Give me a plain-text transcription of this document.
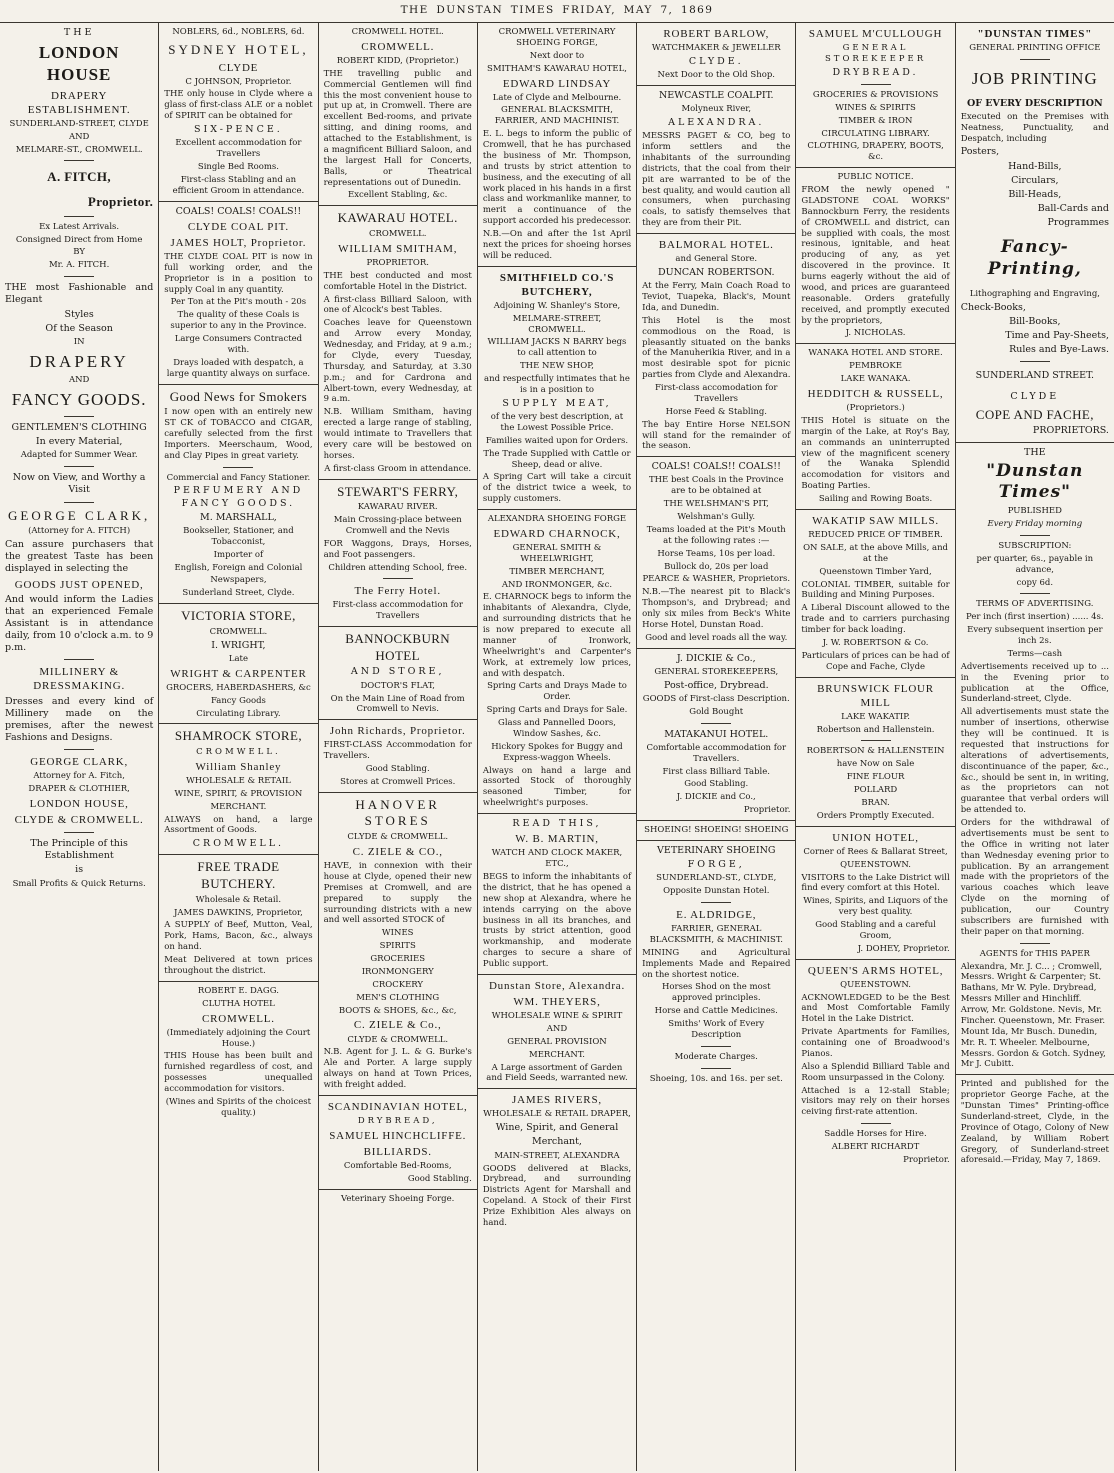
THE DUNSTAN TIMES FRIDAY, MAY 7, 1869

THE

LONDON HOUSE

DRAPERY ESTABLISHMENT.

SUNDERLAND-STREET, CLYDE

AND

MELMARE-ST., CROMWELL.

A. FITCH,

Proprietor.

Ex Latest Arrivals.

Consigned Direct from Home

BY

Mr. A. FITCH.

THE most Fashionable and Elegant

Styles

Of the Season

IN

DRAPERY

AND

FANCY GOODS.

GENTLEMEN'S CLOTHING

In every Material,

Adapted for Summer Wear.

Now on View, and Worthy a Visit

GEORGE CLARK,

(Attorney for A. FITCH)

Can assure purchasers that the greatest Taste has been displayed in selecting the

GOODS JUST OPENED,

And would inform the Ladies that an experienced Female Assistant is in attendance daily, from 10 o'clock a.m. to 9 p.m.

MILLINERY & DRESSMAKING.

Dresses and every kind of Millinery made on the premises, after the newest Fashions and Designs.

GEORGE CLARK,

Attorney for A. Fitch,

DRAPER & CLOTHIER,

LONDON HOUSE,

CLYDE & CROMWELL.

The Principle of this Establishment

is

Small Profits & Quick Returns.

NOBLERS, 6d., NOBLERS, 6d.

SYDNEY HOTEL,

CLYDE

C JOHNSON, Proprietor.

THE only house in Clyde where a glass of first-class ALE or a noblet of SPIRIT can be obtained for

SIX-PENCE.

Excellent accommodation for Travellers

Single Bed Rooms.

First-class Stabling and an efficient Groom in attendance.

COALS! COALS! COALS!!

CLYDE COAL PIT.

JAMES HOLT, Proprietor.

THE CLYDE COAL PIT is now in full working order, and the Proprietor is in a position to supply Coal in any quantity.

Per Ton at the Pit's mouth - 20s

The quality of these Coals is superior to any in the Province.

Large Consumers Contracted with.

Drays loaded with despatch, a large quantity always on surface.

Good News for Smokers

I now open with an entirely new ST CK of TOBACCO and CIGAR, carefully selected from the first Importers. Meerschaum, Wood, and Clay Pipes in great variety.

Commercial and Fancy Stationer.

PERFUMERY AND FANCY GOODS.

M. MARSHALL,

Bookseller, Stationer, and Tobacconist,

Importer of

English, Foreign and Colonial

Newspapers,

Sunderland Street, Clyde.

VICTORIA STORE,

CROMWELL.

I. WRIGHT,

Late

WRIGHT & CARPENTER

GROCERS, HABERDASHERS, &c

Fancy Goods

Circulating Library.

SHAMROCK STORE,

CROMWELL.

William Shanley

WHOLESALE & RETAIL

WINE, SPIRIT, & PROVISION

MERCHANT.

ALWAYS on hand, a large Assortment of Goods.

CROMWELL.

FREE TRADE BUTCHERY.

Wholesale & Retail.

JAMES DAWKINS, Proprietor,

A SUPPLY of Beef, Mutton, Veal, Pork, Hams, Bacon, &c., always on hand.

Meat Delivered at town prices throughout the district.

ROBERT E. DAGG.

CLUTHA HOTEL

CROMWELL.

(Immediately adjoining the Court House.)

THIS House has been built and furnished regardless of cost, and possesses unequalled accommodation for visitors.

(Wines and Spirits of the choicest quality.)

CROMWELL HOTEL.

CROMWELL.

ROBERT KIDD, (Proprietor.)

THE travelling public and Commercial Gentlemen will find this the most convenient house to put up at, in Cromwell. There are excellent Bed-rooms, and private sitting, and dining rooms, and attached to the Establishment, is a magnificent Billiard Saloon, and the largest Hall for Concerts, Balls, or Theatrical representations out of Dunedin.

Excellent Stabling, &c.

KAWARAU HOTEL.

CROMWELL.

WILLIAM SMITHAM,

PROPRIETOR.

THE best conducted and most comfortable Hotel in the District.

A first-class Billiard Saloon, with one of Alcock's best Tables.

Coaches leave for Queenstown and Arrow every Monday, Wednesday, and Friday, at 9 a.m.; for Clyde, every Tuesday, Thursday, and Saturday, at 3.30 p.m.; and for Cardrona and Albert-town, every Wednesday, at 9 a.m.

N.B. William Smitham, having erected a large range of stabling, would intimate to Travellers that every care will be bestowed on horses.

A first-class Groom in attendance.

STEWART'S FERRY,

KAWARAU RIVER.

Main Crossing-place between Cromwell and the Nevis

FOR Waggons, Drays, Horses, and Foot passengers.

Children attending School, free.

The Ferry Hotel.

First-class accommodation for Travellers

BANNOCKBURN HOTEL

AND STORE,

DOCTOR'S FLAT,

On the Main Line of Road from Cromwell to Nevis.

John Richards, Proprietor.

FIRST-CLASS Accommodation for Travellers.

Good Stabling.

Stores at Cromwell Prices.

HANOVER STORES

CLYDE & CROMWELL.

C. ZIELE & CO.,

HAVE, in connexion with their house at Clyde, opened their new Premises at Cromwell, and are prepared to supply the surrounding districts with a new and well assorted STOCK of

WINES

SPIRITS

GROCERIES

IRONMONGERY

CROCKERY

MEN'S CLOTHING

BOOTS & SHOES, &c., &c,

C. ZIELE & Co.,

CLYDE & CROMWELL.

N.B. Agent for J. L. & G. Burke's Ale and Porter. A large supply always on hand at Town Prices, with freight added.

SCANDINAVIAN HOTEL,

DRYBREAD,

SAMUEL HINCHCLIFFE.

BILLIARDS.

Comfortable Bed-Rooms,

Good Stabling.

Veterinary Shoeing Forge.

CROMWELL VETERINARY SHOEING FORGE,

Next door to

SMITHAM'S KAWARAU HOTEL,

EDWARD LINDSAY

Late of Clyde and Melbourne.

GENERAL BLACKSMITH, FARRIER, AND MACHINIST.

E. L. begs to inform the public of Cromwell, that he has purchased the business of Mr. Thompson, and trusts by strict attention to business, and the executing of all work placed in his hands in a first class and workmanlike manner, to merit a continuance of the support accorded his predecessor.

N.B.—On and after the 1st April next the prices for shoeing horses will be reduced.

SMITHFIELD CO.'S BUTCHERY,

Adjoining W. Shanley's Store,

MELMARE-STREET, CROMWELL.

WILLIAM JACKS N BARRY begs to call attention to

THE NEW SHOP,

and respectfully intimates that he is in a position to

SUPPLY MEAT,

of the very best description, at the Lowest Possible Price.

Families waited upon for Orders.

The Trade Supplied with Cattle or Sheep, dead or alive.

A Spring Cart will take a circuit of the district twice a week, to supply customers.

ALEXANDRA SHOEING FORGE

EDWARD CHARNOCK,

GENERAL SMITH & WHEELWRIGHT,

TIMBER MERCHANT,

AND IRONMONGER, &c.

E. CHARNOCK begs to inform the inhabitants of Alexandra, Clyde, and surrounding districts that he is now prepared to execute all manner of Ironwork, Wheelwright's and Carpenter's Work, at extremely low prices, and with despatch.

Spring Carts and Drays Made to Order.

Spring Carts and Drays for Sale.

Glass and Pannelled Doors, Window Sashes, &c.

Hickory Spokes for Buggy and Express-waggon Wheels.

Always on hand a large and assorted Stock of thoroughly seasoned Timber, for wheelwright's purposes.

READ THIS,

W. B. MARTIN,

WATCH AND CLOCK MAKER, ETC.,

BEGS to inform the inhabitants of the district, that he has opened a new shop at Alexandra, where he intends carrying on the above business in all its branches, and trusts by strict attention, good workmanship, and moderate charges to secure a share of Public support.

Dunstan Store, Alexandra.

WM. THEYERS,

WHOLESALE WINE & SPIRIT

AND

GENERAL PROVISION

MERCHANT.

A Large assortment of Garden and Field Seeds, warranted new.

JAMES RIVERS,

WHOLESALE & RETAIL DRAPER,

Wine, Spirit, and General

Merchant,

MAIN-STREET, ALEXANDRA

GOODS delivered at Blacks, Drybread, and surrounding Districts Agent for Marshall and Copeland. A Stock of their First Prize Exhibition Ales always on hand.

ROBERT BARLOW,

WATCHMAKER & JEWELLER

CLYDE.

Next Door to the Old Shop.

NEWCASTLE COALPIT.

Molyneux River,

ALEXANDRA.

MESSRS PAGET & CO, beg to inform settlers and the inhabitants of the surrounding districts, that the coal from their pit are warranted to be of the best quality, and would caution all consumers, when purchasing coals, to satisfy themselves that they are from their Pit.

BALMORAL HOTEL.

and General Store.

DUNCAN ROBERTSON.

At the Ferry, Main Coach Road to Teviot, Tuapeka, Black's, Mount Ida, and Dunedin.

This Hotel is the most commodious on the Road, is pleasantly situated on the banks of the Manuherikia River, and in a most desirable spot for picnic parties from Clyde and Alexandra.

First-class accomodation for Travellers

Horse Feed & Stabling.

The bay Entire Horse NELSON will stand for the remainder of the season.

COALS! COALS!! COALS!!

THE best Coals in the Province are to be obtained at

THE WELSHMAN'S PIT,

Welshman's Gully.

Teams loaded at the Pit's Mouth at the following rates :—

Horse Teams, 10s per load.

Bullock do, 20s per load

PEARCE & WASHER, Proprietors.

N.B.—The nearest pit to Black's Thompson's, and Drybread; and only six miles from Beck's White Horse Hotel, Dunstan Road.

Good and level roads all the way.

J. DICKIE & Co.,

GENERAL STOREKEEPERS,

Post-office, Drybread.

GOODS of First-class Description.

Gold Bought

MATAKANUI HOTEL.

Comfortable accommodation for Travellers.

First class Billiard Table.

Good Stabling.

J. DICKIE and Co.,

Proprietor.

SHOEING! SHOEING! SHOEING

VETERINARY SHOEING

FORGE,

SUNDERLAND-ST., CLYDE,

Opposite Dunstan Hotel.

E. ALDRIDGE,

FARRIER, GENERAL BLACKSMITH, & MACHINIST.

MINING and Agricultural Implements Made and Repaired on the shortest notice.

Horses Shod on the most approved principles.

Horse and Cattle Medicines.

Smiths' Work of Every Description

Moderate Charges.

Shoeing, 10s. and 16s. per set.

SAMUEL M'CULLOUGH

GENERAL STOREKEEPER

DRYBREAD.

GROCERIES & PROVISIONS

WINES & SPIRITS

TIMBER & IRON

CIRCULATING LIBRARY.

CLOTHING, DRAPERY, BOOTS, &c.

PUBLIC NOTICE.

FROM the newly opened " GLADSTONE COAL WORKS" Bannockburn Ferry, the residents of CROMWELL and district, can be supplied with coals, the most resinous, ignitable, and heat producing of any, as yet discovered in the province. It burns eagerly without the aid of wood, and prices are guaranteed reasonable. Orders gratefully received, and promptly executed by the proprietors,

J. NICHOLAS.

WANAKA HOTEL AND STORE.

PEMBROKE

LAKE WANAKA.

HEDDITCH & RUSSELL,

(Proprietors.)

THIS Hotel is situate on the margin of the Lake, at Roy's Bay, an commands an uninterrupted view of the magnificent scenery of the Wanaka Splendid accomodation for visitors and Boating Parties.

Sailing and Rowing Boats.

WAKATIP SAW MILLS.

REDUCED PRICE OF TIMBER.

ON SALE, at the above Mills, and at the

Queenstown Timber Yard,

COLONIAL TIMBER, suitable for Building and Mining Purposes.

A Liberal Discount allowed to the trade and to carriers purchasing timber for back loading.

J. W. ROBERTSON & Co.

Particulars of prices can be had of Cope and Fache, Clyde

BRUNSWICK FLOUR MILL

LAKE WAKATIP.

Robertson and Hallenstein.

ROBERTSON & HALLENSTEIN

have Now on Sale

FINE FLOUR

POLLARD

BRAN.

Orders Promptly Executed.

UNION HOTEL,

Corner of Rees & Ballarat Street,

QUEENSTOWN.

VISITORS to the Lake District will find every comfort at this Hotel.

Wines, Spirits, and Liquors of the very best quality.

Good Stabling and a careful Groom,

J. DOHEY, Proprietor.

QUEEN'S ARMS HOTEL,

QUEENSTOWN.

ACKNOWLEDGED to be the Best and Most Comfortable Family Hotel in the Lake District.

Private Apartments for Families, containing one of Broadwood's Pianos.

Also a Splendid Billiard Table and Room unsurpassed in the Colony.

Attached is a 12-stall Stable; visitors may rely on their horses ceiving first-rate attention.

Saddle Horses for Hire.

ALBERT RICHARDT

Proprietor.

"DUNSTAN TIMES"

GENERAL PRINTING OFFICE

JOB PRINTING

OF EVERY DESCRIPTION

Executed on the Premises with Neatness, Punctuality, and Despatch, including

Posters,

Hand-Bills,

Circulars,

Bill-Heads,

Ball-Cards and

Programmes

Fancy-Printing,

Lithographing and Engraving,

Check-Books,

Bill-Books,

Time and Pay-Sheets,

Rules and Bye-Laws.

SUNDERLAND STREET.

CLYDE

COPE AND FACHE,

PROPRIETORS.

THE

"Dunstan Times"

PUBLISHED

Every Friday morning

SUBSCRIPTION:

per quarter, 6s., payable in advance,

copy 6d.

TERMS OF ADVERTISING.

Per inch (first insertion) ...... 4s.

Every subsequent insertion per inch 2s.

Terms—cash

Advertisements received up to ... in the Evening prior to publication at the Office, Sunderland-street, Clyde.

All advertisements must state the number of insertions, otherwise they will be continued. It is requested that instructions for alterations of advertisements, discontinuance of the paper, &c., &c., should be sent in, in writing, as the proprietors can not guarantee that verbal orders will be attended to.

Orders for the withdrawal of advertisements must be sent to the Office in writing not later than Wednesday evening prior to publication. By an arrangement made with the proprietors of the various coaches which leave Clyde on the morning of publication, our Country subscribers are furnished with their paper on that morning.

AGENTS for THIS PAPER

Alexandra, Mr. J. C... ; Cromwell, Messrs. Wright & Carpenter; St. Bathans, Mr W. Pyle. Drybread, Messrs Miller and Hinchliff. Arrow, Mr. Goldstone. Nevis, Mr. Fincher. Queenstown, Mr. Fraser. Mount Ida, Mr Busch. Dunedin, Mr. R. T. Wheeler. Melbourne, Messrs. Gordon & Gotch. Sydney, Mr J. Cubitt.

Printed and published for the proprietor George Fache, at the "Dunstan Times" Printing-office Sunderland-street, Clyde, in the Province of Otago, Colony of New Zealand, by William Robert Gregory, of Sunderland-street aforesaid.—Friday, May 7, 1869.
